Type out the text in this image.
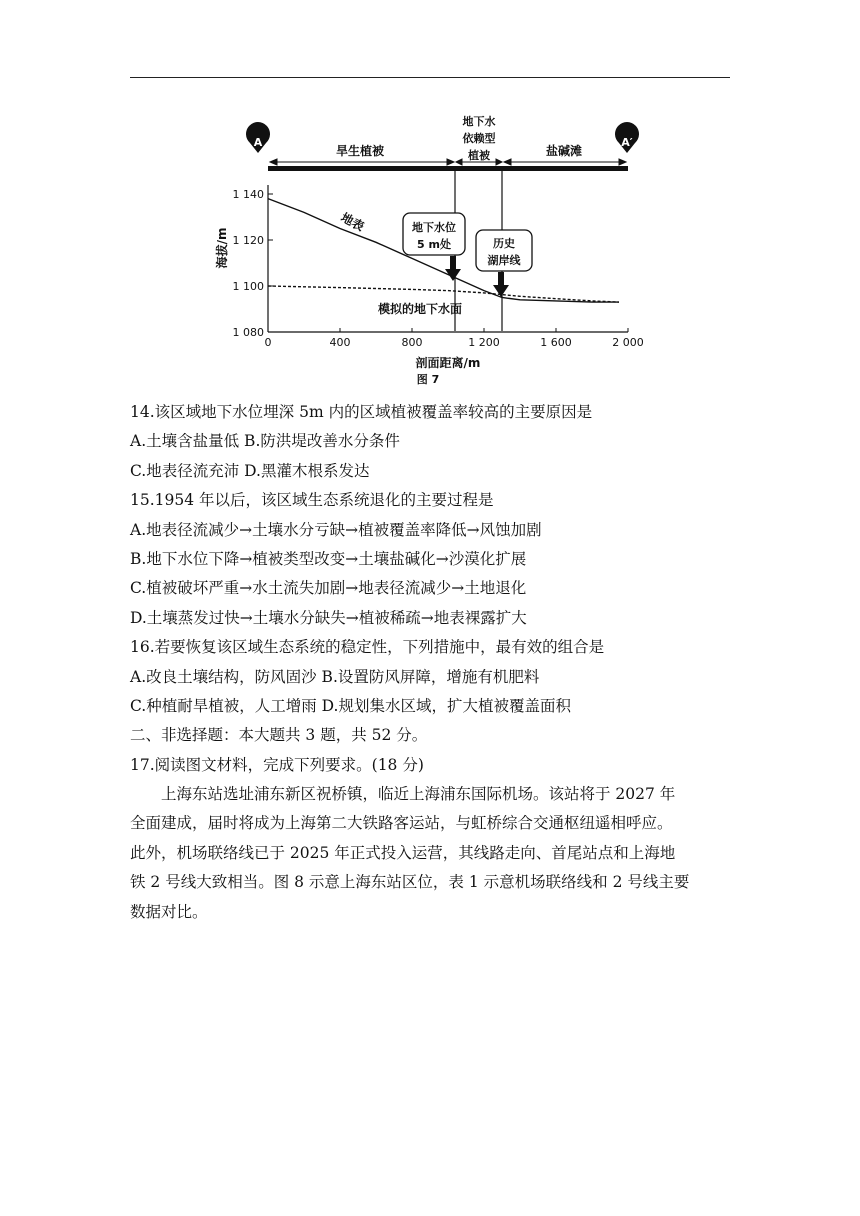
A	A′
旱生植被
地下水
依赖型
植被	盐碱滩
1 080
1 100
1 120
1 140
0	400	800	1 200	1 600	2 000
海拔/m
剖面距离/m
图 7
地表
模拟的地下水面
地下水位
5 m处	历史
湖岸线
14.该区域地下水位埋深 5m 内的区域植被覆盖率较高的主要原因是
A.土壤含盐量低 B.防洪堤改善水分条件
C.地表径流充沛 D.黑灌木根系发达
15.1954 年以后，该区域生态系统退化的主要过程是
A.地表径流减少→土壤水分亏缺→植被覆盖率降低→风蚀加剧
B.地下水位下降→植被类型改变→土壤盐碱化→沙漠化扩展
C.植被破坏严重→水土流失加剧→地表径流减少→土地退化
D.土壤蒸发过快→土壤水分缺失→植被稀疏→地表裸露扩大
16.若要恢复该区域生态系统的稳定性，下列措施中，最有效的组合是
A.改良土壤结构，防风固沙 B.设置防风屏障，增施有机肥料
C.种植耐旱植被，人工增雨 D.规划集水区域，扩大植被覆盖面积
二、非选择题：本大题共 3 题，共 52 分。
17.阅读图文材料，完成下列要求。(18 分)
上海东站选址浦东新区祝桥镇，临近上海浦东国际机场。该站将于 2027 年
全面建成，届时将成为上海第二大铁路客运站，与虹桥综合交通枢纽遥相呼应。
此外，机场联络线已于 2025 年正式投入运营，其线路走向、首尾站点和上海地
铁 2 号线大致相当。图 8 示意上海东站区位，表 1 示意机场联络线和 2 号线主要
数据对比。
